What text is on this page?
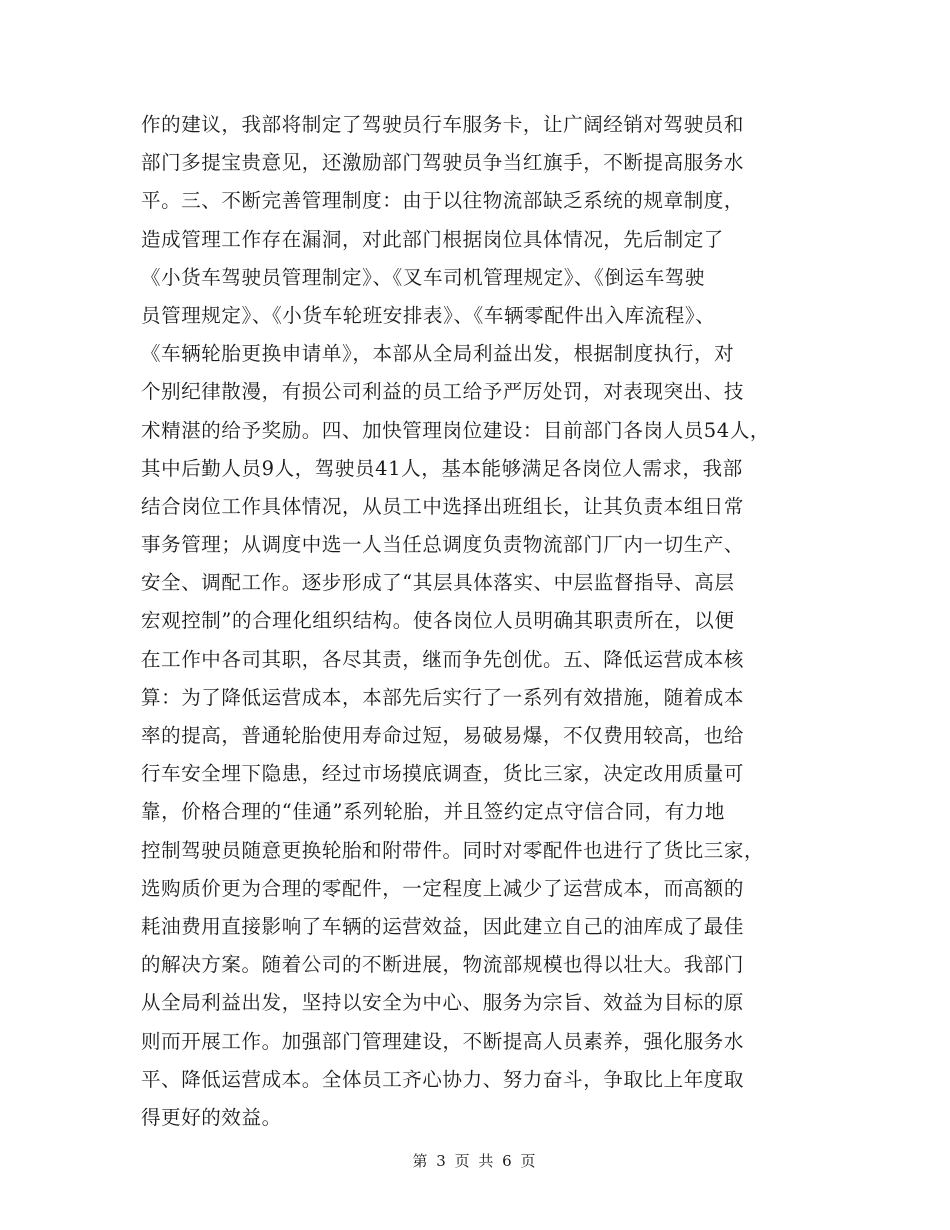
作的建议，我部将制定了驾驶员行车服务卡，让广阔经销对驾驶员和
部门多提宝贵意见，还激励部门驾驶员争当红旗手，不断提高服务水
平。三、不断完善管理制度：由于以往物流部缺乏系统的规章制度，
造成管理工作存在漏洞，对此部门根据岗位具体情况，先后制定了
《小货车驾驶员管理制定》、《叉车司机管理规定》、《倒运车驾驶
员管理规定》、《小货车轮班安排表》、《车辆零配件出入库流程》、
《车辆轮胎更换申请单》，本部从全局利益出发，根据制度执行，对
个别纪律散漫，有损公司利益的员工给予严厉处罚，对表现突出、技
术精湛的给予奖励。四、加快管理岗位建设：目前部门各岗人员54人，
其中后勤人员9人，驾驶员41人，基本能够满足各岗位人需求，我部
结合岗位工作具体情况，从员工中选择出班组长，让其负责本组日常
事务管理；从调度中选一人当任总调度负责物流部门厂内一切生产、
安全、调配工作。逐步形成了“其层具体落实、中层监督指导、高层
宏观控制”的合理化组织结构。使各岗位人员明确其职责所在，以便
在工作中各司其职，各尽其责，继而争先创优。五、降低运营成本核
算：为了降低运营成本，本部先后实行了一系列有效措施，随着成本
率的提高，普通轮胎使用寿命过短，易破易爆，不仅费用较高，也给
行车安全埋下隐患，经过市场摸底调查，货比三家，决定改用质量可
靠，价格合理的“佳通”系列轮胎，并且签约定点守信合同，有力地
控制驾驶员随意更换轮胎和附带件。同时对零配件也进行了货比三家，
选购质价更为合理的零配件，一定程度上减少了运营成本，而高额的
耗油费用直接影响了车辆的运营效益，因此建立自己的油库成了最佳
的解决方案。随着公司的不断进展，物流部规模也得以壮大。我部门
从全局利益出发，坚持以安全为中心、服务为宗旨、效益为目标的原
则而开展工作。加强部门管理建设，不断提高人员素养，强化服务水
平、降低运营成本。全体员工齐心协力、努力奋斗，争取比上年度取
得更好的效益。
第 3 页 共 6 页
